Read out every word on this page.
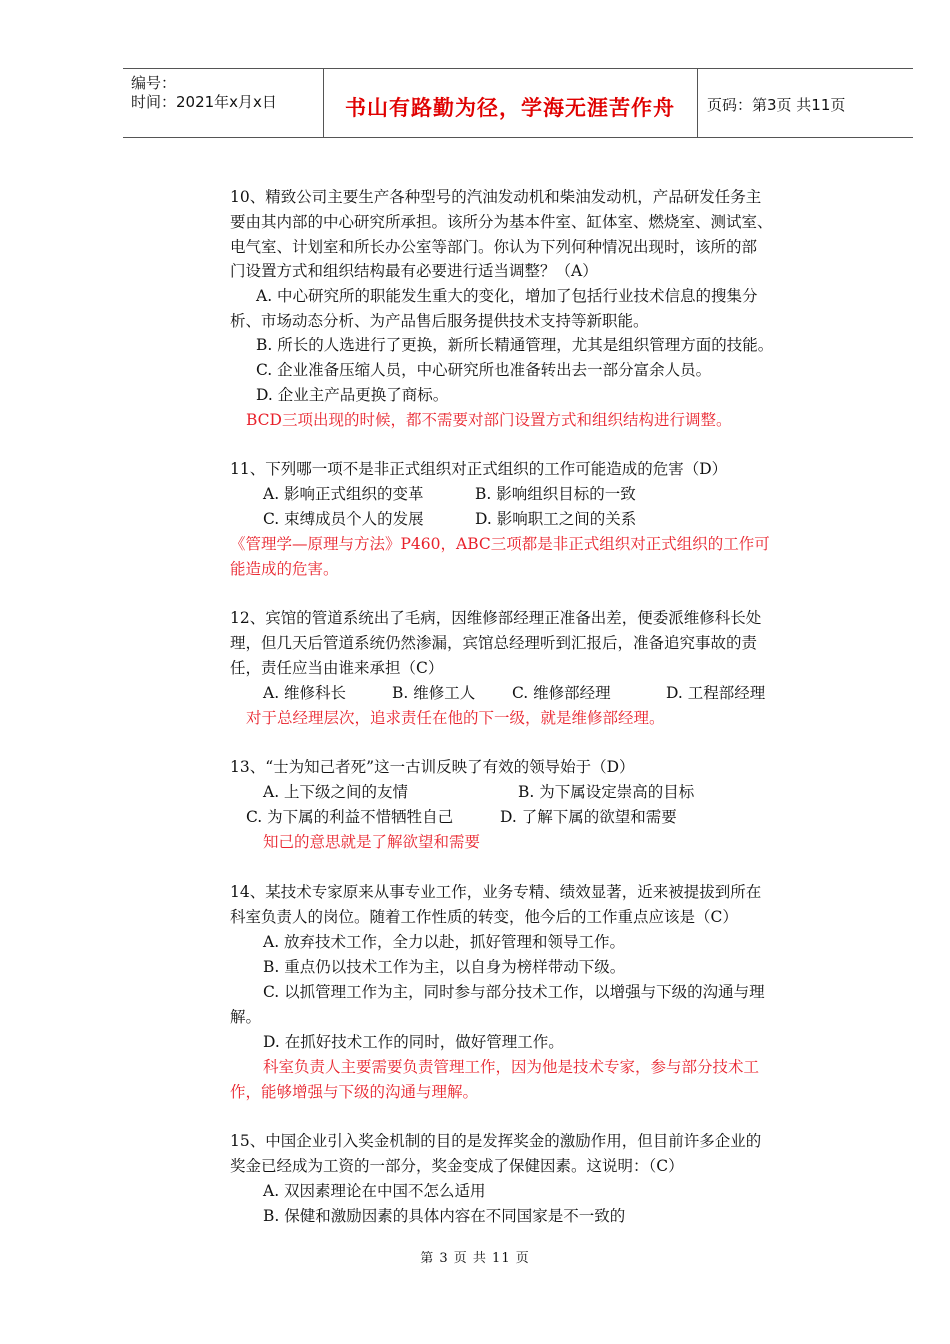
编号：
时间：2021年x月x日	书山有路勤为径，学海无涯苦作舟	页码：第3页 共11页
10、精致公司主要生产各种型号的汽油发动机和柴油发动机，产品研发任务主
要由其内部的中心研究所承担。该所分为基本件室、缸体室、燃烧室、测试室、
电气室、计划室和所长办公室等部门。你认为下列何种情况出现时，该所的部
门设置方式和组织结构最有必要进行适当调整？（A）
A. 中心研究所的职能发生重大的变化，增加了包括行业技术信息的搜集分
析、市场动态分析、为产品售后服务提供技术支持等新职能。
B. 所长的人选进行了更换，新所长精通管理，尤其是组织管理方面的技能。
C. 企业准备压缩人员，中心研究所也准备转出去一部分富余人员。
D. 企业主产品更换了商标。
BCD三项出现的时候，都不需要对部门设置方式和组织结构进行调整。
11、下列哪一项不是非正式组织对正式组织的工作可能造成的危害（D）
A. 影响正式组织的变革	B. 影响组织目标的一致
C. 束缚成员个人的发展	D. 影响职工之间的关系
《管理学—原理与方法》P460，ABC三项都是非正式组织对正式组织的工作可
能造成的危害。
12、宾馆的管道系统出了毛病，因维修部经理正准备出差，便委派维修科长处
理，但几天后管道系统仍然渗漏，宾馆总经理听到汇报后，准备追究事故的责
任，责任应当由谁来承担（C）
A. 维修科长	B. 维修工人 C. 维修部经理	D. 工程部经理
对于总经理层次，追求责任在他的下一级，就是维修部经理。
13、“士为知己者死”这一古训反映了有效的领导始于（D）
A. 上下级之间的友情	B. 为下属设定崇高的目标
C. 为下属的利益不惜牺牲自己	D. 了解下属的欲望和需要
知己的意思就是了解欲望和需要
14、某技术专家原来从事专业工作，业务专精、绩效显著，近来被提拔到所在
科室负责人的岗位。随着工作性质的转变，他今后的工作重点应该是（C）
A. 放弃技术工作，全力以赴，抓好管理和领导工作。
B. 重点仍以技术工作为主，以自身为榜样带动下级。
C. 以抓管理工作为主，同时参与部分技术工作，以增强与下级的沟通与理
解。
D. 在抓好技术工作的同时，做好管理工作。
科室负责人主要需要负责管理工作，因为他是技术专家，参与部分技术工
作，能够增强与下级的沟通与理解。
15、中国企业引入奖金机制的目的是发挥奖金的激励作用，但目前许多企业的
奖金已经成为工资的一部分，奖金变成了保健因素。这说明：（C）
A. 双因素理论在中国不怎么适用
B. 保健和激励因素的具体内容在不同国家是不一致的
第 3 页 共 11 页
